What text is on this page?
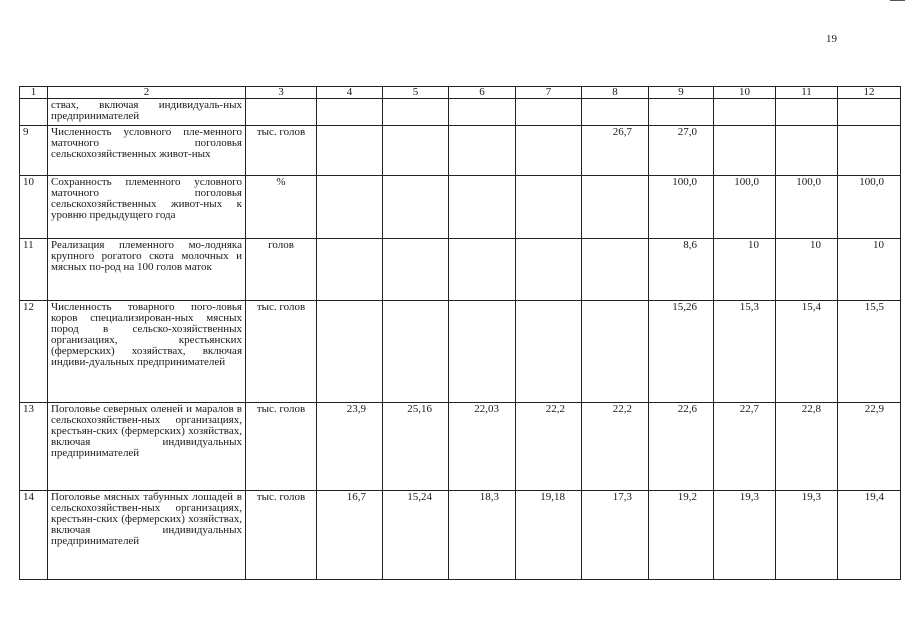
19
1	2	3	4	5	6	7	8	9	10	11	12
	ствах, включая индивидуаль-ных предпринимателей										
9	Численность условного пле-менного маточного поголовья сельскохозяйственных живот-ных	тыс. голов					26,7	27,0			
10	Сохранность племенного условного маточного поголовья сельскохозяйственных живот-ных к уровню предыдущего года	%						100,0	100,0	100,0	100,0
11	Реализация племенного мо-лодняка крупного рогатого скота молочных и мясных по-род на 100 голов маток	голов						8,6	10	10	10
12	Численность товарного пого-ловья коров специализирован-ных мясных пород в сельско-хозяйственных организациях, крестьянских (фермерских) хозяйствах, включая индиви-дуальных предпринимателей	тыс. голов						15,26	15,3	15,4	15,5
13	Поголовье северных оленей и маралов в сельскохозяйствен-ных организациях, крестьян-ских (фермерских) хозяйствах, включая индивидуальных предпринимателей	тыс. голов	23,9	25,16	22,03	22,2	22,2	22,6	22,7	22,8	22,9
14	Поголовье мясных табунных лошадей в сельскохозяйствен-ных организациях, крестьян-ских (фермерских) хозяйствах, включая индивидуальных предпринимателей	тыс. голов	16,7	15,24	18,3	19,18	17,3	19,2	19,3	19,3	19,4
